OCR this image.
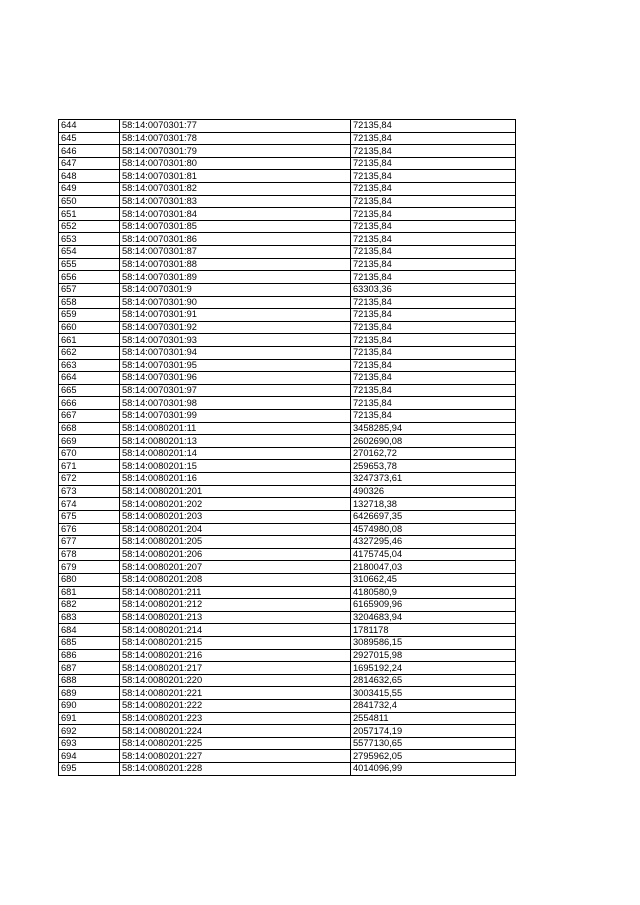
644	58:14:0070301:77	72135,84
645	58:14:0070301:78	72135,84
646	58:14:0070301:79	72135,84
647	58:14:0070301:80	72135,84
648	58:14:0070301:81	72135,84
649	58:14:0070301:82	72135,84
650	58:14:0070301:83	72135,84
651	58:14:0070301:84	72135,84
652	58:14:0070301:85	72135,84
653	58:14:0070301:86	72135,84
654	58:14:0070301:87	72135,84
655	58:14:0070301:88	72135,84
656	58:14:0070301:89	72135,84
657	58:14:0070301:9	63303,36
658	58:14:0070301:90	72135,84
659	58:14:0070301:91	72135,84
660	58:14:0070301:92	72135,84
661	58:14:0070301:93	72135,84
662	58:14:0070301:94	72135,84
663	58:14:0070301:95	72135,84
664	58:14:0070301:96	72135,84
665	58:14:0070301:97	72135,84
666	58:14:0070301:98	72135,84
667	58:14:0070301:99	72135,84
668	58:14:0080201:11	3458285,94
669	58:14:0080201:13	2602690,08
670	58:14:0080201:14	270162,72
671	58:14:0080201:15	259653,78
672	58:14:0080201:16	3247373,61
673	58:14:0080201:201	490326
674	58:14:0080201:202	132718,38
675	58:14:0080201:203	6426697,35
676	58:14:0080201:204	4574980,08
677	58:14:0080201:205	4327295,46
678	58:14:0080201:206	4175745,04
679	58:14:0080201:207	2180047,03
680	58:14:0080201:208	310662,45
681	58:14:0080201:211	4180580,9
682	58:14:0080201:212	6165909,96
683	58:14:0080201:213	3204683,94
684	58:14:0080201:214	1781178
685	58:14:0080201:215	3089586,15
686	58:14:0080201:216	2927015,98
687	58:14:0080201:217	1695192,24
688	58:14:0080201:220	2814632,65
689	58:14:0080201:221	3003415,55
690	58:14:0080201:222	2841732,4
691	58:14:0080201:223	2554811
692	58:14:0080201:224	2057174,19
693	58:14:0080201:225	5577130,65
694	58:14:0080201:227	2795962,05
695	58:14:0080201:228	4014096,99
